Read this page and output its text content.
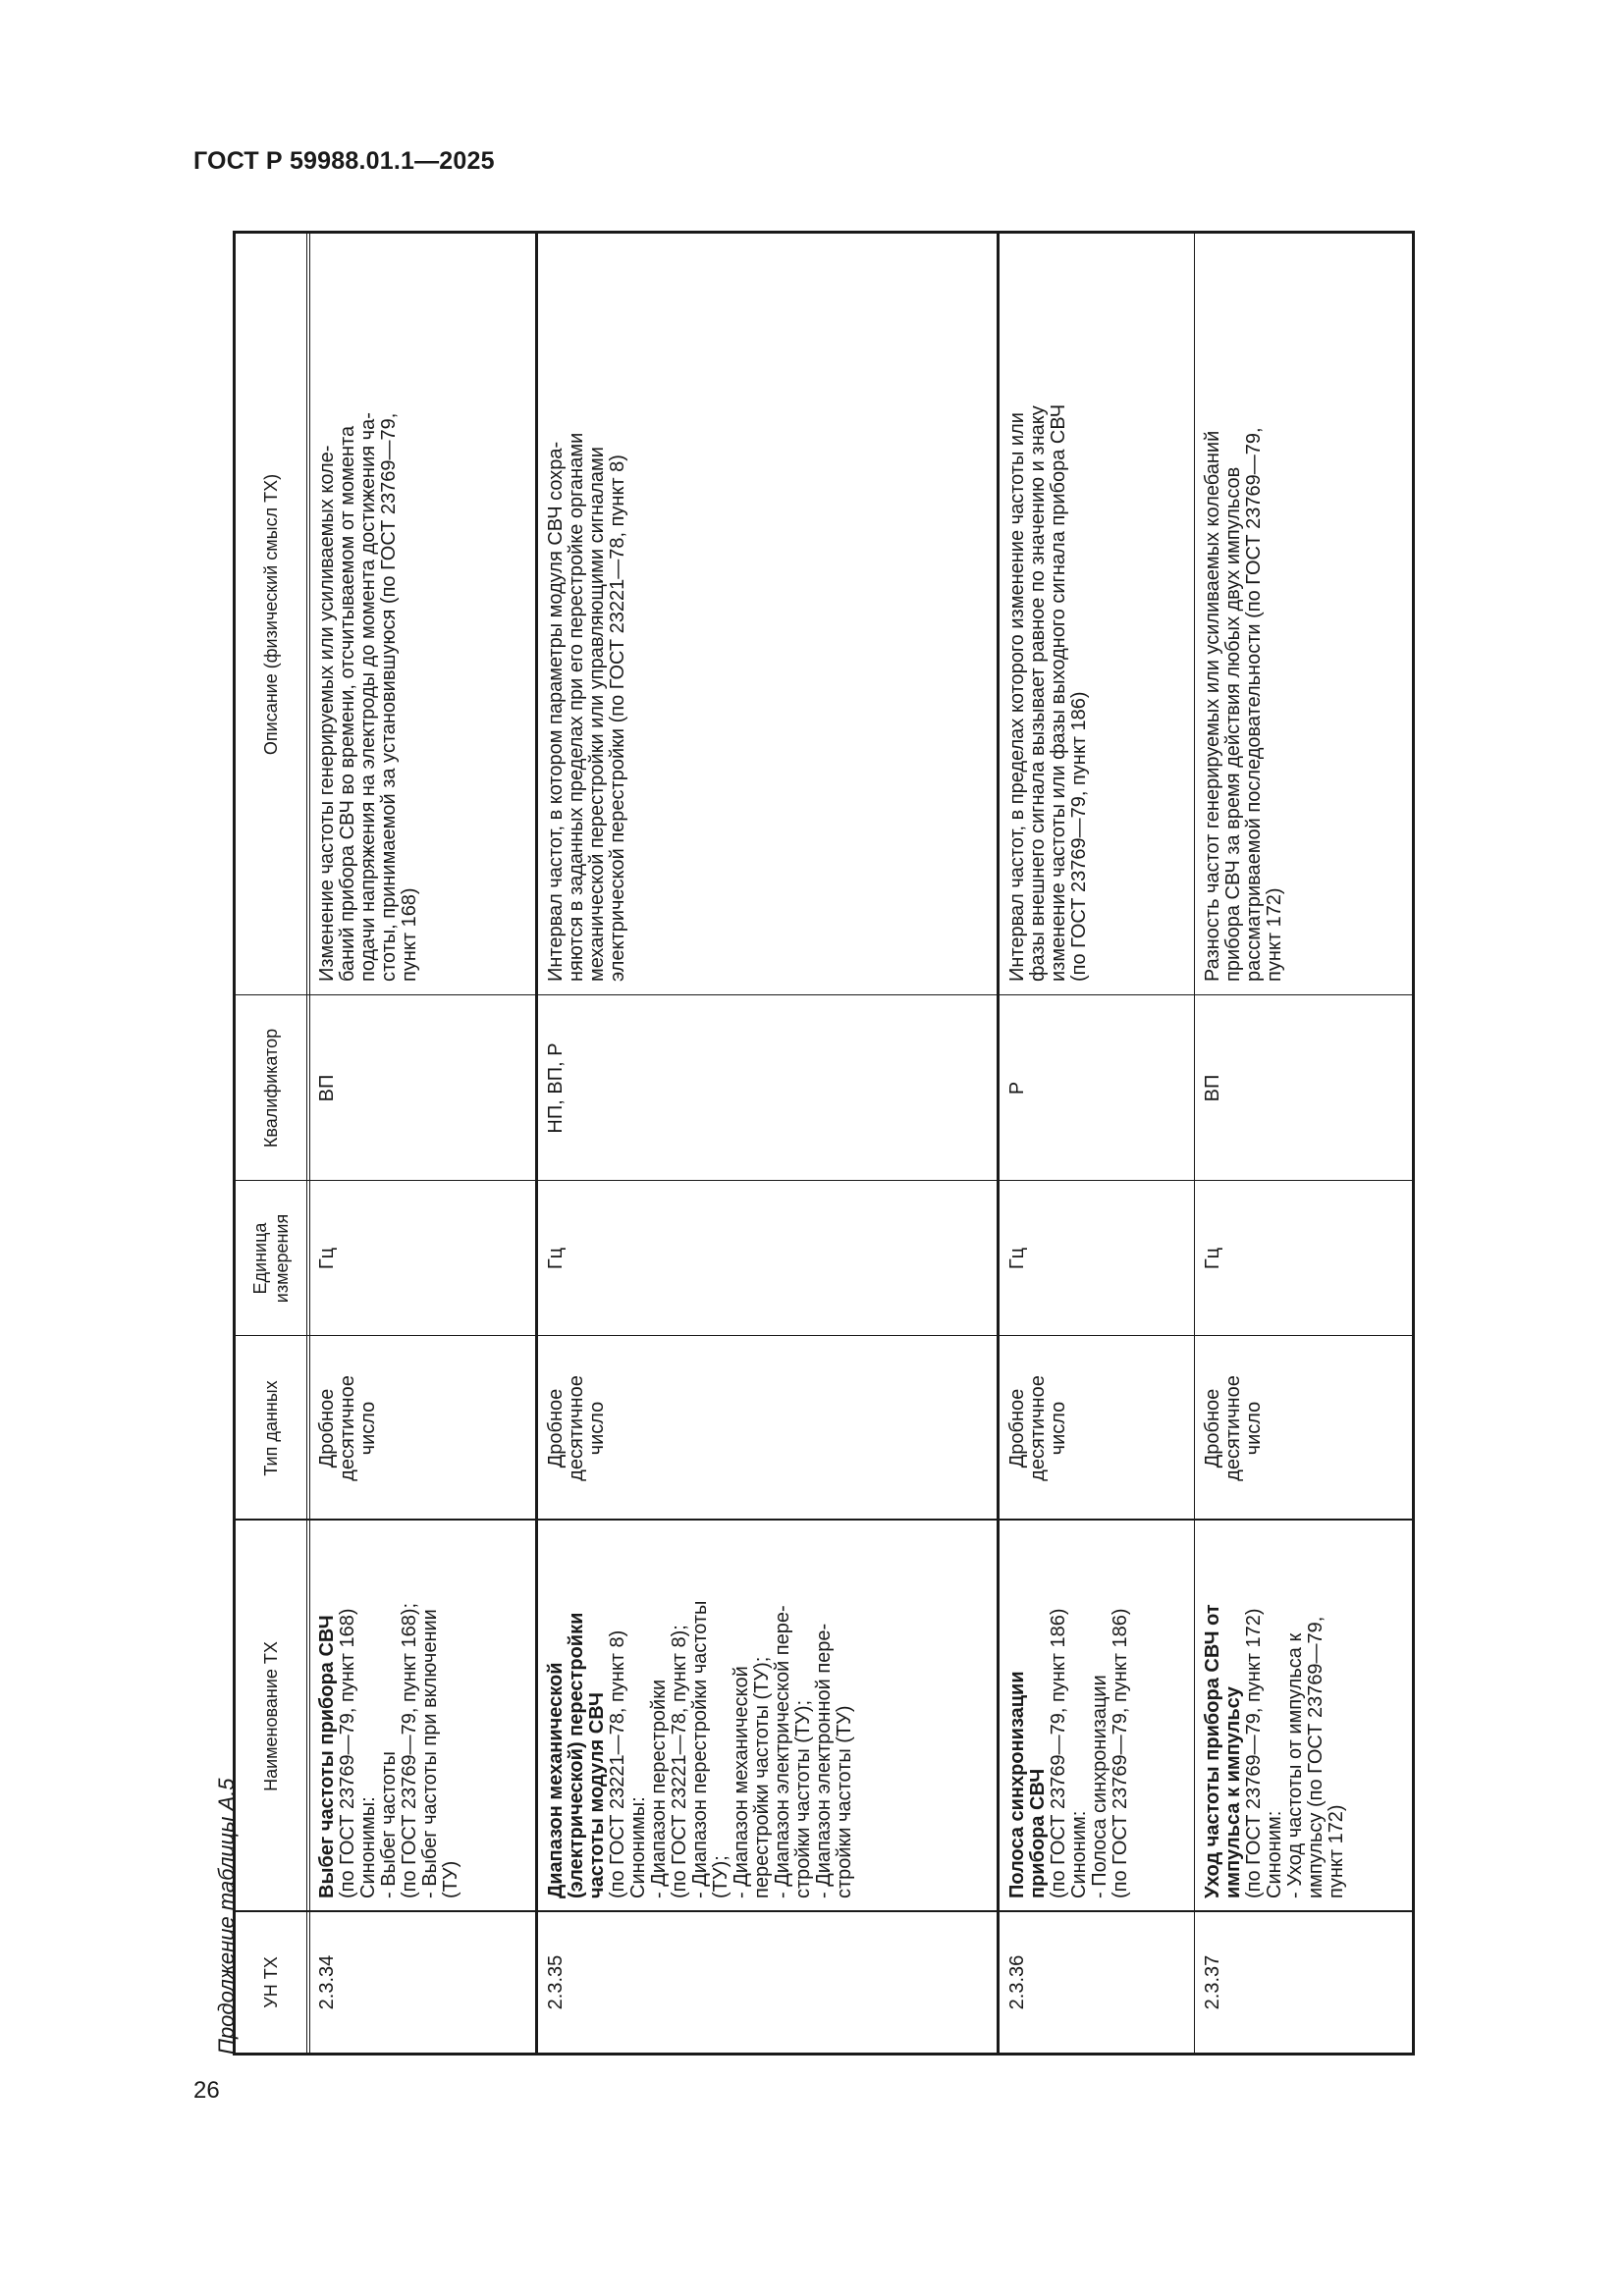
ГОСТ Р 59988.01.1—2025
Продолжение таблицы А.5	УН ТХ
Наименование ТХ
Тип данных
Единица измерения
Квалификатор
Описание (физический смысл ТХ)
2.3.34
Выбег частоты прибора СВЧ (по ГОСТ 23769—79, пункт 168) Синонимы: - Выбег частоты (по ГОСТ 23769—79, пункт 168); - Выбег частоты при включении (ТУ)
Дробное десятичное число
Гц
ВП
Изменение частоты генерируемых или усиливаемых коле- баний прибора СВЧ во времени, отсчитываемом от момента подачи напряжения на электроды до момента достижения ча- стоты, принимаемой за установившуюся (по ГОСТ 23769—79, пункт 168)
2.3.35
Диапазон механической (электрической) перестройки частоты модуля СВЧ (по ГОСТ 23221—78, пункт 8) Синонимы: - Диапазон перестройки (по ГОСТ 23221—78, пункт 8); - Диапазон перестройки частоты (ТУ); - Диапазон механической перестройки частоты (ТУ); - Диапазон электрической пере- стройки частоты (ТУ); - Диапазон электронной пере- стройки частоты (ТУ)
Дробное десятичное число
Гц
НП, ВП, Р
Интервал частот, в котором параметры модуля СВЧ сохра- няются в заданных пределах при его перестройке органами механической перестройки или управляющими сигналами электрической перестройки (по ГОСТ 23221—78, пункт 8)
2.3.36
Полоса синхронизации прибора СВЧ (по ГОСТ 23769—79, пункт 186) Синоним: - Полоса синхронизации (по ГОСТ 23769—79, пункт 186)
Дробное десятичное число
Гц
Р
Интервал частот, в пределах которого изменение частоты или фазы внешнего сигнала вызывает равное по значению и знаку изменение частоты или фазы выходного сигнала прибора СВЧ (по ГОСТ 23769—79, пункт 186)
2.3.37
Уход частоты прибора СВЧ от импульса к импульсу (по ГОСТ 23769—79, пункт 172) Синоним: - Уход частоты от импульса к импульсу (по ГОСТ 23769—79, пункт 172)
Дробное десятичное число
Гц
ВП
Разность частот генерируемых или усиливаемых колебаний прибора СВЧ за время действия любых двух импульсов рассматриваемой последовательности (по ГОСТ 23769—79, пункт 172)
26
